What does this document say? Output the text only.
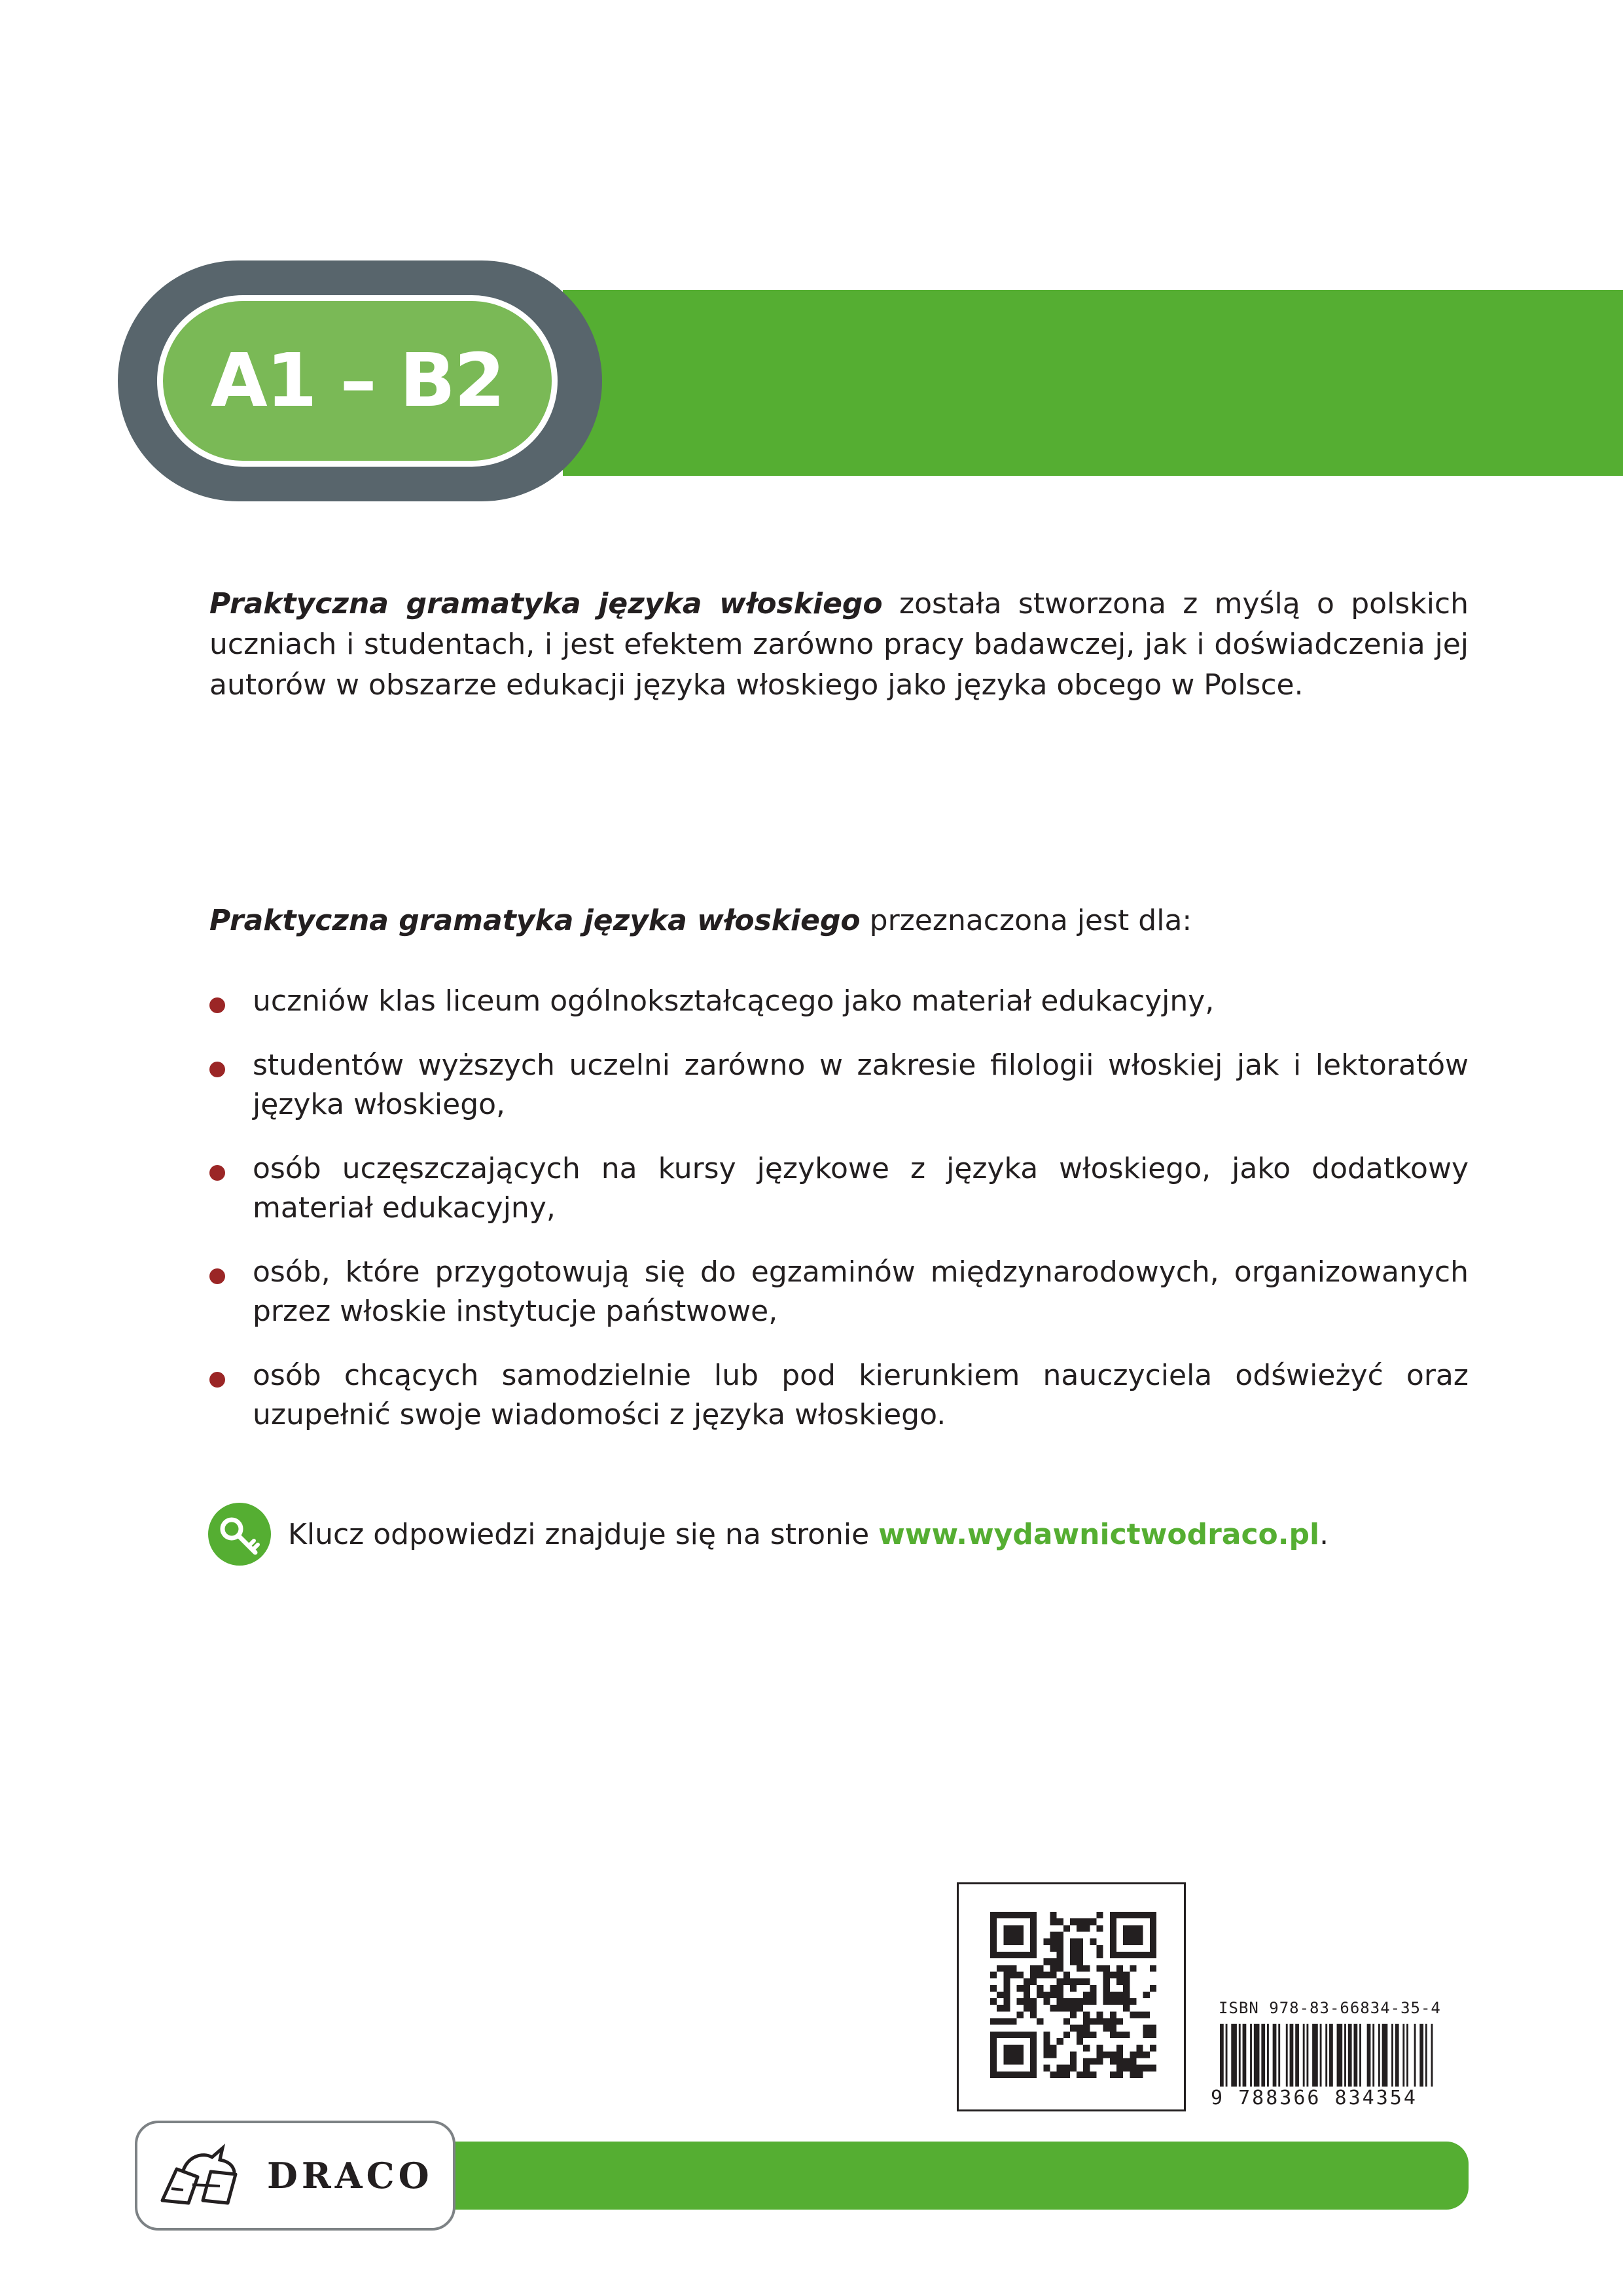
A1 – B2

Praktyczna gramatyka języka włoskiego została stworzona z myślą o polskich uczniach i studentach, i jest efektem zarówno pracy badawczej, jak i doświadczenia jej autorów w obszarze edukacji języka włoskiego jako języka obcego w Polsce.

Praktyczna gramatyka języka włoskiego przeznaczona jest dla:

uczniów klas liceum ogólnokształcącego jako materiał edukacyjny,
studentów wyższych uczelni zarówno w zakresie filologii włoskiej jak i lektoratów języka włoskiego,
osób uczęszczających na kursy językowe z języka włoskiego, jako dodatkowy materiał edukacyjny,
osób, które przygotowują się do egzaminów międzynarodowych, organizowanych przez włoskie instytucje państwowe,
osób chcących samodzielnie lub pod kierunkiem nauczyciela odświeżyć oraz uzupełnić swoje wiadomości z języka włoskiego.
Klucz odpowiedzi znajduje się na stronie www.wydawnictwodraco.pl.
ISBN 978-83-66834-35-4
9 788366 834354
DRACO
